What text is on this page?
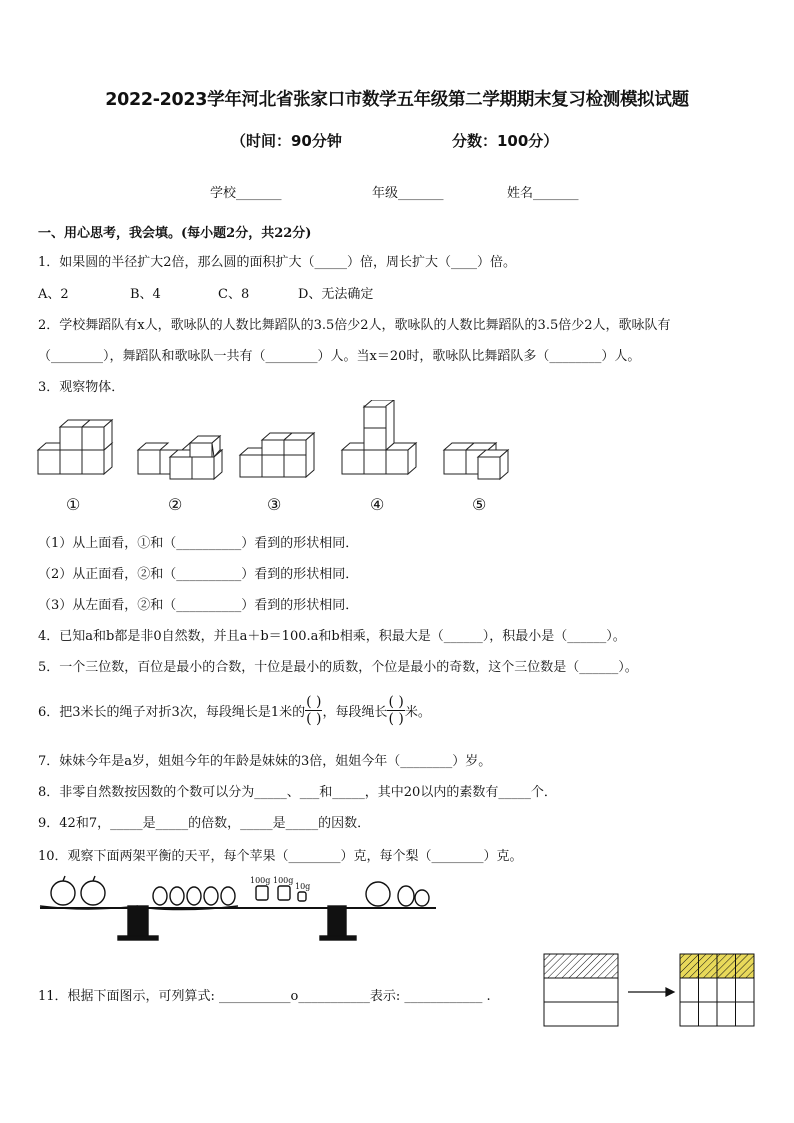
2022-2023学年河北省张家口市数学五年级第二学期期末复习检测模拟试题
（时间：90分钟	分数：100分）
学校_______	年级_______	姓名_______
一、用心思考，我会填。(每小题2分，共22分)
1．如果圆的半径扩大2倍，那么圆的面积扩大（_____）倍，周长扩大（____）倍。
A、2	B、4	C、8	D、无法确定
2．学校舞蹈队有x人，歌咏队的人数比舞蹈队的3.5倍少2人，歌咏队的人数比舞蹈队的3.5倍少2人，歌咏队有
（________），舞蹈队和歌咏队一共有（________）人。当x＝20时，歌咏队比舞蹈队多（________）人。
3．观察物体．
①	②	③	④	⑤
（1）从上面看，①和（__________）看到的形状相同．
（2）从正面看，②和（__________）看到的形状相同．
（3）从左面看，②和（__________）看到的形状相同．
4．已知a和b都是非0自然数，并且a＋b＝100.a和b相乘，积最大是（______），积最小是（______）。
5．一个三位数，百位是最小的合数，十位是最小的质数，个位是最小的奇数，这个三位数是（______）。
6．把3米长的绳子对折3次，每段绳长是1米的 $\frac{( )}{( )}$ ，每段绳长 $\frac{( )}{( )}$ 米。
7．妹妹今年是a岁，姐姐今年的年龄是妹妹的3倍，姐姐今年（________）岁。
8．非零自然数按因数的个数可以分为_____、___和_____，其中20以内的素数有_____个．
9．42和7，_____是_____的倍数，_____是_____的因数．
10．观察下面两架平衡的天平，每个苹果（________）克，每个梨（________）克。
100g 100g
10g
11．根据下面图示，可列算式: ___________o___________表示: ____________ .
